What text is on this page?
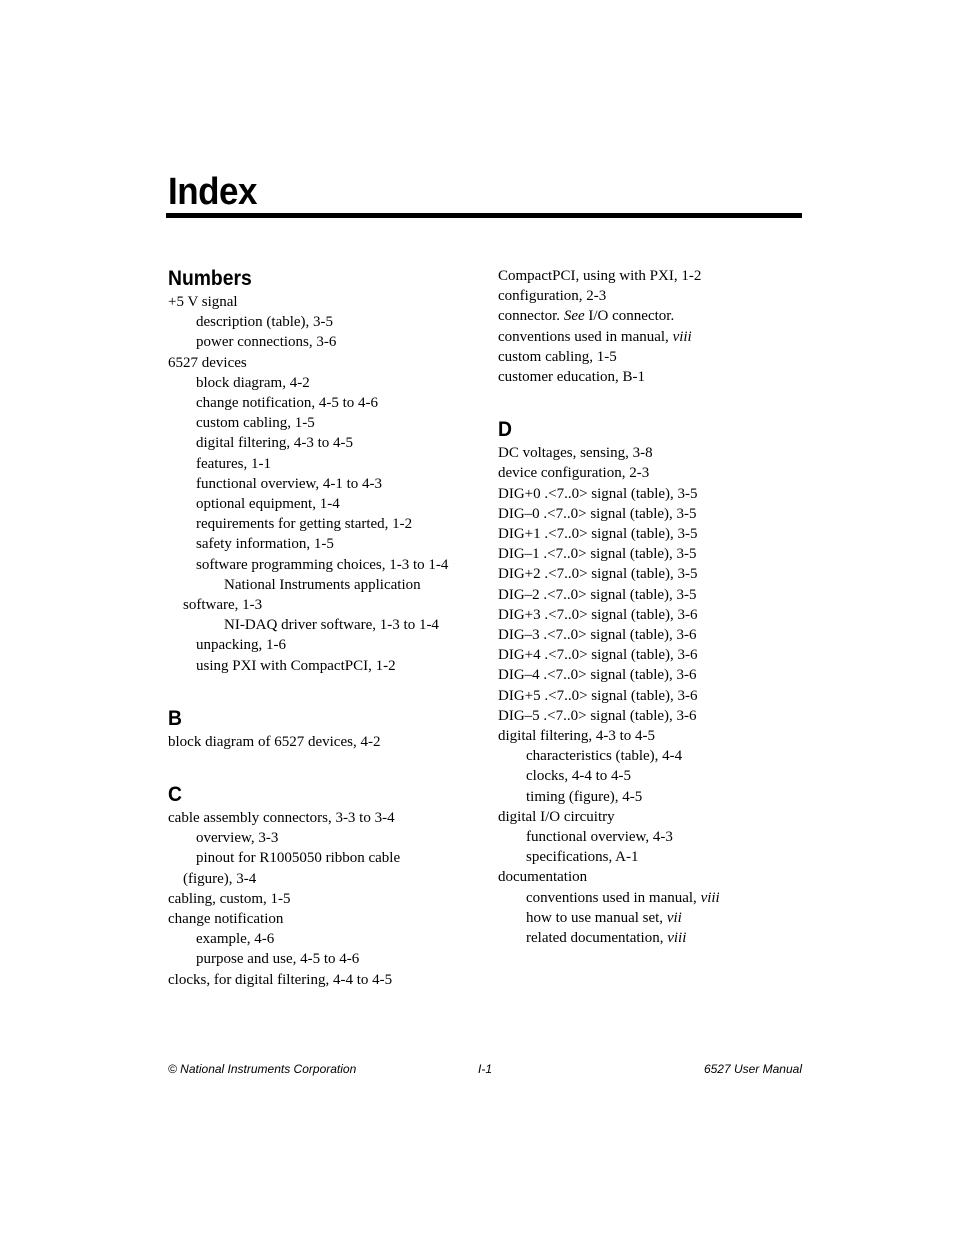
Index
Numbers
+5 V signal
description (table), 3-5
power connections, 3-6
6527 devices
block diagram, 4-2
change notification, 4-5 to 4-6
custom cabling, 1-5
digital filtering, 4-3 to 4-5
features, 1-1
functional overview, 4-1 to 4-3
optional equipment, 1-4
requirements for getting started, 1-2
safety information, 1-5
software programming choices, 1-3 to 1-4
National Instruments application
software, 1-3
NI-DAQ driver software, 1-3 to 1-4
unpacking, 1-6
using PXI with CompactPCI, 1-2
B
block diagram of 6527 devices, 4-2
C
cable assembly connectors, 3-3 to 3-4
overview, 3-3
pinout for R1005050 ribbon cable
(figure), 3-4
cabling, custom, 1-5
change notification
example, 4-6
purpose and use, 4-5 to 4-6
clocks, for digital filtering, 4-4 to 4-5
CompactPCI, using with PXI, 1-2
configuration, 2-3
connector. See I/O connector.
conventions used in manual, viii
custom cabling, 1-5
customer education, B-1
D
DC voltages, sensing, 3-8
device configuration, 2-3
DIG+0 .<7..0> signal (table), 3-5
DIG–0 .<7..0> signal (table), 3-5
DIG+1 .<7..0> signal (table), 3-5
DIG–1 .<7..0> signal (table), 3-5
DIG+2 .<7..0> signal (table), 3-5
DIG–2 .<7..0> signal (table), 3-5
DIG+3 .<7..0> signal (table), 3-6
DIG–3 .<7..0> signal (table), 3-6
DIG+4 .<7..0> signal (table), 3-6
DIG–4 .<7..0> signal (table), 3-6
DIG+5 .<7..0> signal (table), 3-6
DIG–5 .<7..0> signal (table), 3-6
digital filtering, 4-3 to 4-5
characteristics (table), 4-4
clocks, 4-4 to 4-5
timing (figure), 4-5
digital I/O circuitry
functional overview, 4-3
specifications, A-1
documentation
conventions used in manual, viii
how to use manual set, vii
related documentation, viii
© National Instruments Corporation	I-1	6527 User Manual
